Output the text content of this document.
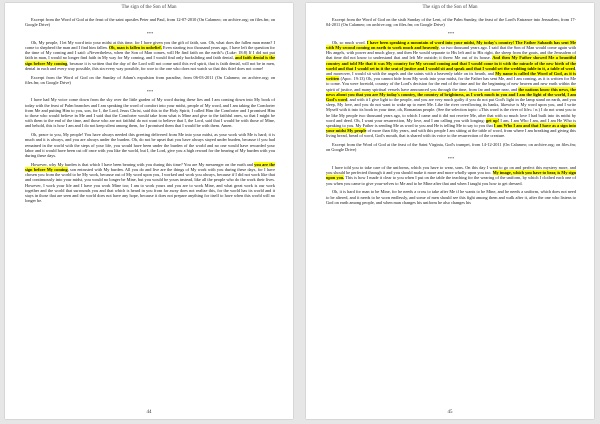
The sign of the Son of Man

Excerpt from the Word of God at the feast of the saint apostles Peter and Paul, from 12-07-2010 (On Calameo; on archive.org; on files.fm; on Google Drive)

***

Oh, My people, I let My word into your midst at this time, for I have given you the gift of faith, son. Oh, what does the fallen man mean? I come to shepherd the man and I find him fallen. Oh, man is fallen in unbelief. Even starting two thousand years ago, I have left the question for the time of My coming and I said: «Nevertheless, when the Son of Man comes, will He find faith on the earth?» (Luke: 18:8) If I did not put faith in man, I would no longer find faith in My way for My coming, and I would find only backsliding and faith denial, and faith denial is the sign before My coming, because it is written that the day of the Lord will not come until this evil spirit, that is faith denial, will not be in men, denial in each and every way possible, this sin every way possible, for woe to the one who does not watch so that this thief does not come!

Excerpt from the Word of God on the Sunday of Adam's expulsion from paradise, from 06-03-2011 (On Calameo; on archive.org; on files.fm; on Google Drive)

***

I have had My voice come down from the sky over the little garden of My word during these lies and I am coming down into My book of today with the feast of Palm branches and I am speaking the word of comfort into your midst, people of My word, and I am taking the Comforter from Me and putting Him to you, son, for I, the Lord, Jesus Christ, said this to the Holy Spirit; I called Him the Comforter and I promised Him to those who would believe in Me and I said that the Comforter would take from what is Mine and give to the faithful ones, so that I might be with them to the end of the time, and those who are not faithful do not want to believe that I, the Lord, said that I would be with those of Mine, and behold, this is how I am and I do not keep silent among them, for I promised them that I would be with them. Amen.

Oh, peace to you, My people! You have always needed this greeting delivered from Me into your midst, as your work with Me is hard; it is much and it is always, and you are always under the burden. Oh, do not be upset that you have always stayed under burden, because if you had remained in the world with the steps of your life, you would have been under the burden of the world and no one would have rewarded your labor and it would have been cut off once with you like the world, but I, the Lord, give you a high reward for the bearing of My burden with you during these days.

However, why My burden is that which I have been bearing with you during this time? You are My messenger on the earth and you are the sign before My coming, son entrusted with My burden. All you do and live are the things of My work with you during these days, for I have chosen you from the world to be My work, because out of My word upon you, I worked and work you always, because if I did not work like that and continuously into your midst, you would no longer be Mine, but you would be yours instead, like all the people who do the work their lives. However, I work your life and I have you work Mine too; I am to work yours and you are to work Mine, and what great work is our work together and the world that surrounds you and that which is heard in you from far away does not realize this, for the world has its world and it stays in those that are seen and the world does not have any hope, because it does not prepare anything for itself to have when this world will no longer be.

44
The sign of the Son of Man

Excerpt from the Word of God on the sixth Sunday of the Lent, of the Palm Sunday, the feast of the Lord's Entrance into Jerusalem, from 17-04-2011 (On Calameo; on archive.org; on files.fm; on Google Drive)

***

Oh, so much word. I have been speaking a mountain of word into your midst, My today's country! The Father Sabaoth has sent Me with My second coming on earth to work much and heavenly, so two thousand years ago. I said that the Son of Man would come again with His angels, with power and much glory, and then He would separate to His left and to His right, the sheep from the goats, and the Jerusalem of that time did not know to understand that and left Me outside; it threw Me out of its house. And then My Father showed Me a beautiful country and told Me that it was My country for My second coming and that I would come in it with the miracle of the new birth of the world and that I would set in it the seat of justice and I would sit and speak and that I would set the wedding table in it, a table of word, and moreover, I would sit with the angels and the saints with a heavenly table on its hearth, and My name is called the Word of God, as it is written (Apoc. 19:13) Oh, you cannot hide from My work into your midst, for the Father has sent Me, and I am coming, as it is written for Me to come. You were foretold, country of the Lord's decision for the end of the time and for the beginning of new heaven and new earth within the spirit of justice, and many spiritual vessels have announced you through the time, from far and more near, and the nations know this news, the news about you that you are My today's country, the country of brightness, as I work much in you and I am the light of the world, I am God's word, and with it I give light to the people, and you are very much guilty if you do not put God's light in the lamp stand on earth, and you sleep, My love, and you do not want to wake up to meet Me. Like the river overflowing its banks, likewise is My word upon you, and I write Myself with it into its book in your time, oh, Romanian people. (See the selection topic: «This word is the river of life» / n.) I do not want you to be like My people two thousand years ago, to which I came and it did not receive Me, after that with so much love I had built into its midst by word and deed. Oh, I want your resurrection, My love, and I am calling you with longing: get up! I am, I am Who I am, and I am He Who is speaking to you. My Father is sending Me as word to you and He is telling Me to say to you that I am Who I am and that I have as a sign into your midst My people of more than fifty years, and with this people I am sitting at the table of word, from where I am breaking and giving this living bread, bread of word, God's mouth, that is shared with its voice to the resurrection of the creature.

Excerpt from the Word of God at the feast of the Saint Virginia, God's trumpet, from 14-12-2011 (On Calameo; on archive.org; on files.fm; on Google Drive)

***

I have told you to take care of the uniforms, which you have to wear, sons. On this day I want to go on and perfect this mystery more, and you should be perfected through it and you should make it more and more wholly upon you too. My image, which you have to bear, is My sign upon you. This is how I made it clear to you when I put on the table the teaching for the wearing of the uniform, by which I clothed each one of you when you came to give your-selves to Me and to be Mine after that and when I taught you how to get dressed.

Oh, it is hard for man to be Mine, for he needs a cross to take after Me if he wants to be Mine, and he needs a uniform, which does not need to be altered, and it needs to be worn endlessly, and some of men should see this fight among them and walk after it, after the one who listens to God on earth among people, and when man changes his uniform he also changes his

45
